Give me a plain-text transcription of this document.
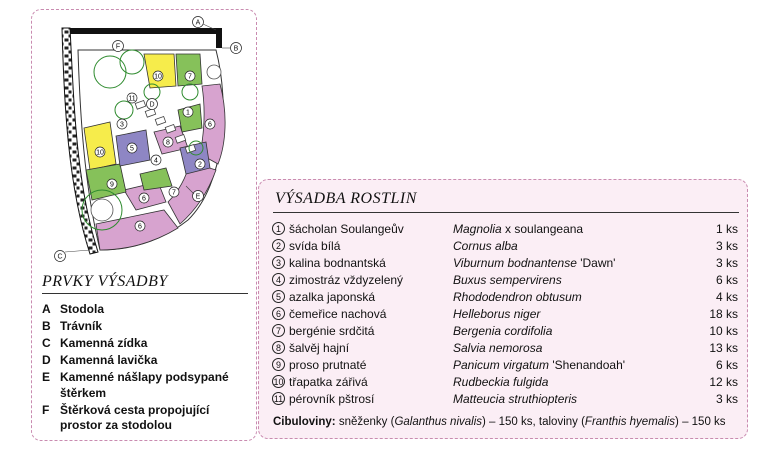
10
11
7
10
5
8
9
6
6
2
6
7
4
3
1
A
B
F
D
E
C
PRVKY VÝSADBY
A Stodola
B Trávník
C Kamenná zídka
D Kamenná lavička
E Kamenné nášlapy podsypané štěrkem
F Štěrková cesta propojující prostor za stodolou
VÝSADBA ROSTLIN
1 šácholan Soulangeův	Magnolia x soulangeana	1 ks
2 svída bílá	Cornus alba	3 ks
3 kalina bodnantská	Viburnum bodnantense 'Dawn'	3 ks
4 zimostráz vždyzelený	Buxus sempervirens	6 ks
5 azalka japonská	Rhododendron obtusum	4 ks
6 čemeřice nachová	Helleborus niger	18 ks
7 bergénie srdčitá	Bergenia cordifolia	10 ks
8 šalvěj hajní	Salvia nemorosa	13 ks
9 proso prutnaté	Panicum virgatum 'Shenandoah'	6 ks
10 třapatka zářivá	Rudbeckia fulgida	12 ks
11 pérovník pštrosí	Matteucia struthiopteris	3 ks
Cibuloviny: sněženky (Galanthus nivalis) – 150 ks, taloviny (Franthis hyemalis) – 150 ks
